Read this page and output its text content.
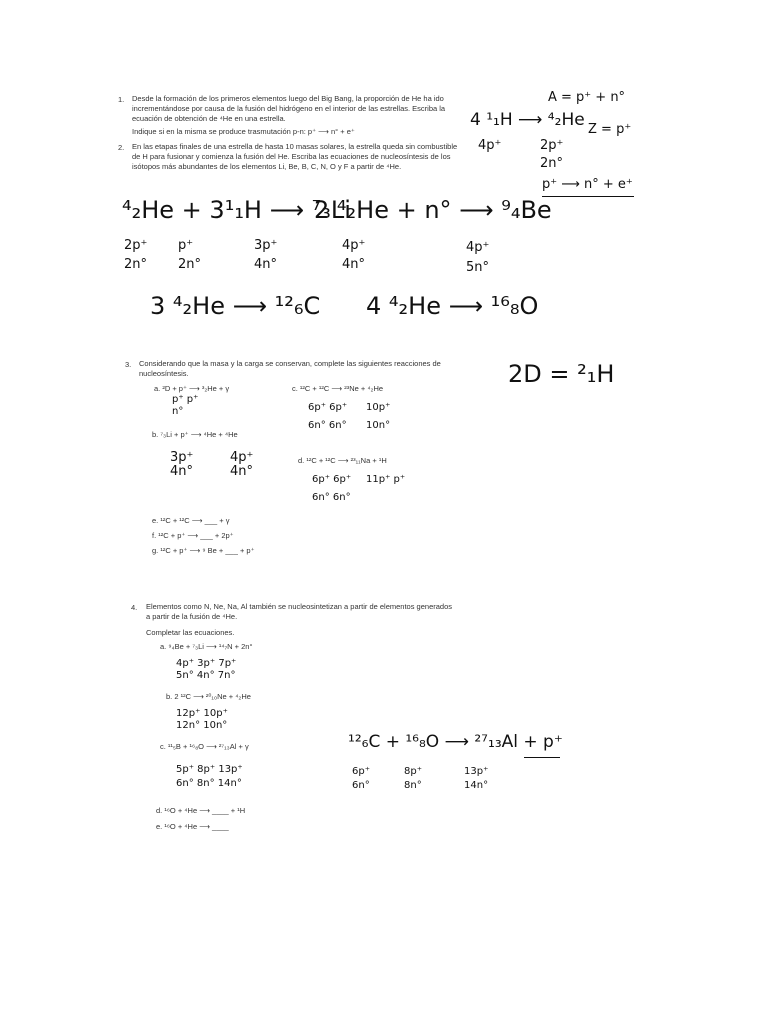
1. Desde la formación de los primeros elementos luego del Big Bang, la proporción de He ha ido incrementándose por causa de la fusión del hidrógeno en el interior de las estrellas. Escriba la ecuación de obtención de ⁴He en una estrella.
Indique si en la misma se produce trasmutación p-n: p⁺ ⟶ n° + e⁺
4 ¹₁H ⟶ ⁴₂He
4p⁺
A = p⁺ + n°
Z = p⁺
2p⁺
2n°
p⁺ ⟶ n° + e⁺
2. En las etapas finales de una estrella de hasta 10 masas solares, la estrella queda sin combustible de H para fusionar y comienza la fusión del He. Escriba las ecuaciones de nucleosíntesis de los isótopos más abundantes de los elementos Li, Be, B, C, N, O y F a partir de ⁴He.
⁴₂He + 3¹₁H ⟶ ⁷₃Li
2p⁺
2n°
p⁺
2n°
3p⁺
4n°
2 ⁴₂He + n° ⟶ ⁹₄Be
4p⁺
4n°
4p⁺
5n°
3 ⁴₂He ⟶ ¹²₆C 4 ⁴₂He ⟶ ¹⁶₈O
3. Considerando que la masa y la carga se conservan, complete las siguientes reacciones de nucleosíntesis.	2D = ²₁H
a. ²D + p⁺ ⟶ ³₂He + γ
p⁺ p⁺
n°
b. ⁷₃Li + p⁺ ⟶ ⁴He + ⁴He
3p⁺
4n°
4p⁺
4n°
c. ¹²C + ¹²C ⟶ ²³Ne + ⁴₂He
6p⁺ 6p⁺
6n° 6n°
10p⁺
10n°
d. ¹²C + ¹²C ⟶ ²³₁₁Na + ¹H
6p⁺ 6p⁺
6n° 6n°
11p⁺ p⁺
e. ¹²C + ¹²C ⟶ ___ + γ
f. ¹²C + p⁺ ⟶ ___ + 2p⁺
g. ¹²C + p⁺ ⟶ ⁹ Be + ___ + p⁺
4. Elementos como N, Ne, Na, Al también se nucleosintetizan a partir de elementos generados a partir de la fusión de ⁴He.
Completar las ecuaciones.
a. ⁹₄Be + ⁷₃Li ⟶ ¹⁴₇N + 2n°
4p⁺ 3p⁺ 7p⁺
5n° 4n° 7n°
b. 2 ¹²C ⟶ ²⁰₁₀Ne + ⁴₂He
12p⁺ 10p⁺
12n° 10n°
c. ¹¹₅B + ¹⁶₈O ⟶ ²⁷₁₃Al + γ
5p⁺ 8p⁺ 13p⁺
6n° 8n° 14n°
¹²₆C + ¹⁶₈O ⟶ ²⁷₁₃Al + p⁺
6p⁺
6n°
8p⁺
8n°
13p⁺
14n°
d. ¹⁶O + ⁴He ⟶ ____ + ¹H
e. ¹⁶O + ⁴He ⟶ ____
